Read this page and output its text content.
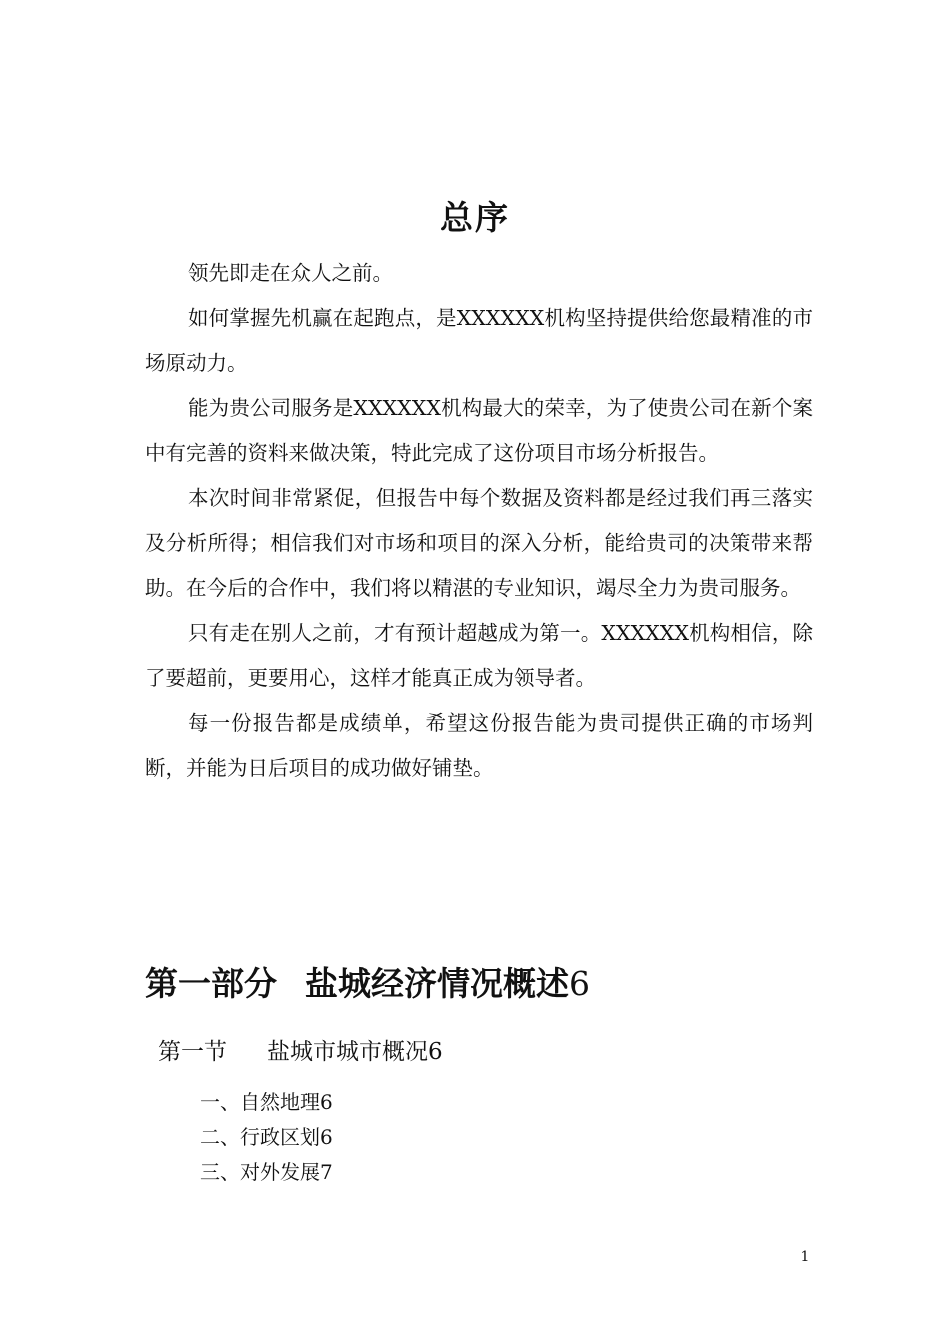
总序

领先即走在众人之前。

如何掌握先机赢在起跑点，是XXXXXX机构坚持提供给您最精准的市场原动力。

能为贵公司服务是XXXXXX机构最大的荣幸，为了使贵公司在新个案中有完善的资料来做决策，特此完成了这份项目市场分析报告。

本次时间非常紧促，但报告中每个数据及资料都是经过我们再三落实及分析所得；相信我们对市场和项目的深入分析，能给贵司的决策带来帮助。在今后的合作中，我们将以精湛的专业知识，竭尽全力为贵司服务。

只有走在别人之前，才有预计超越成为第一。XXXXXX机构相信，除了要超前，更要用心，这样才能真正成为领导者。

每一份报告都是成绩单，希望这份报告能为贵司提供正确的市场判断，并能为日后项目的成功做好铺垫。

第一部分 盐城经济情况概述6
第一节 盐城市城市概况6
一、自然地理6
二、行政区划6
三、对外发展7
1
